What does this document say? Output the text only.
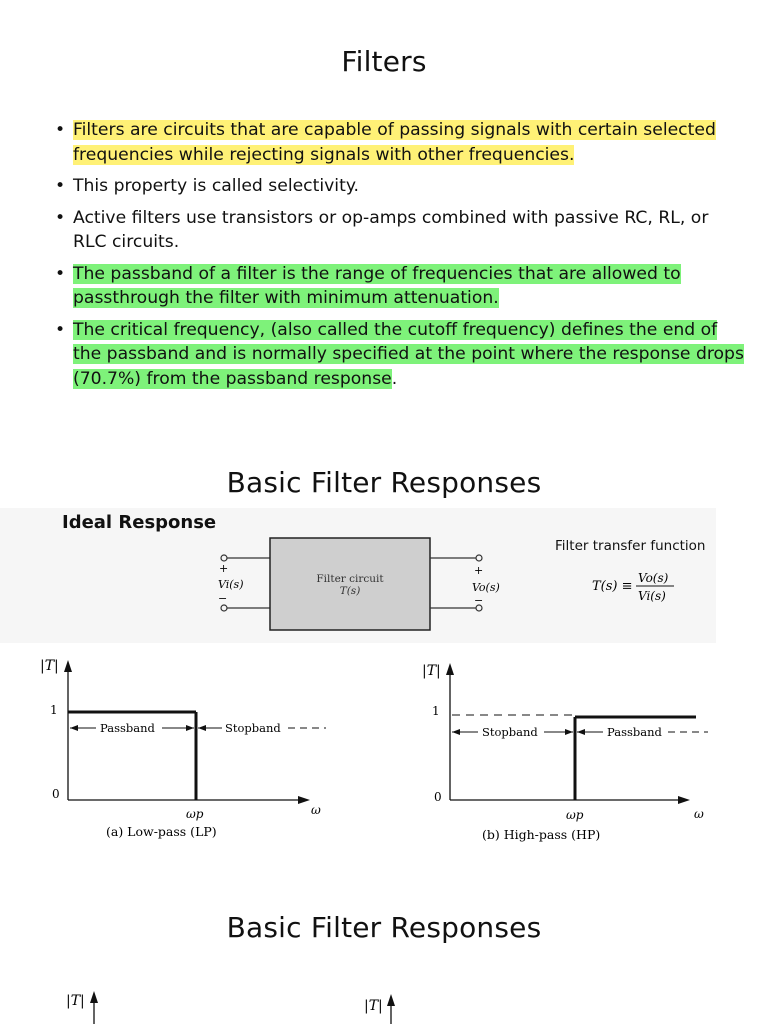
Filters
• Filters are circuits that are capable of passing signals with certain selected frequencies while rejecting signals with other frequencies.
• This property is called selectivity.
• Active filters use transistors or op-amps combined with passive RC, RL, or RLC circuits.
• The passband of a filter is the range of frequencies that are allowed to passthrough the filter with minimum attenuation.
• The critical frequency, (also called the cutoff frequency) defines the end of the passband and is normally specified at the point where the response drops (70.7%) from the passband response.
Basic Filter Responses
Ideal Response
Filter transfer function
+
−
Vi(s)	Filter circuit
T(s)
+
−
Vo(s)	T(s) ≡
Vo(s)
Vi(s)
|T|
1
0
Passband	Stopband
ωp	ω
(a) Low-pass (LP)
|T|
1
0
Stopband	Passband
ωp	ω
(b) High-pass (HP)
Basic Filter Responses
|T|	|T|
